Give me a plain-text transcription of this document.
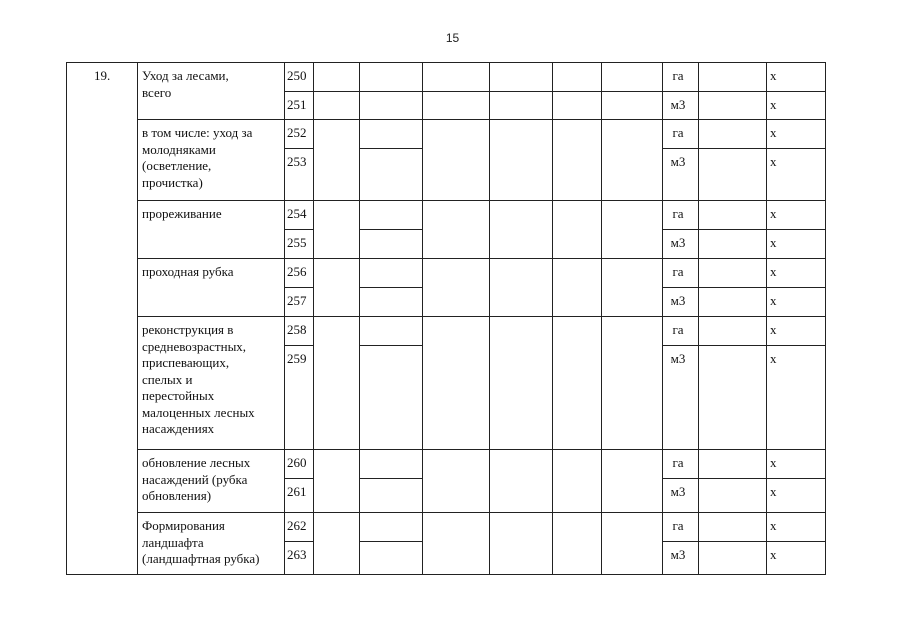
15
19. Уход за лесами,
всего
250
251
га
м3
х
х
в том числе: уход за
молодняками
(осветление,
прочистка)
252
253
га
м3
х
х
прореживание	254
255
га
м3
х
х
проходная рубка	256
257
га
м3
х
х
реконструкция в
средневозрастных,
приспевающих,
спелых и
перестойных
малоценных лесных
насаждениях
258
259
га
м3
х
х
обновление лесных
насаждений (рубка
обновления)
260
261
га
м3
х
х
Формирования
ландшафта
(ландшафтная рубка)
262
263
га
м3
х
х
